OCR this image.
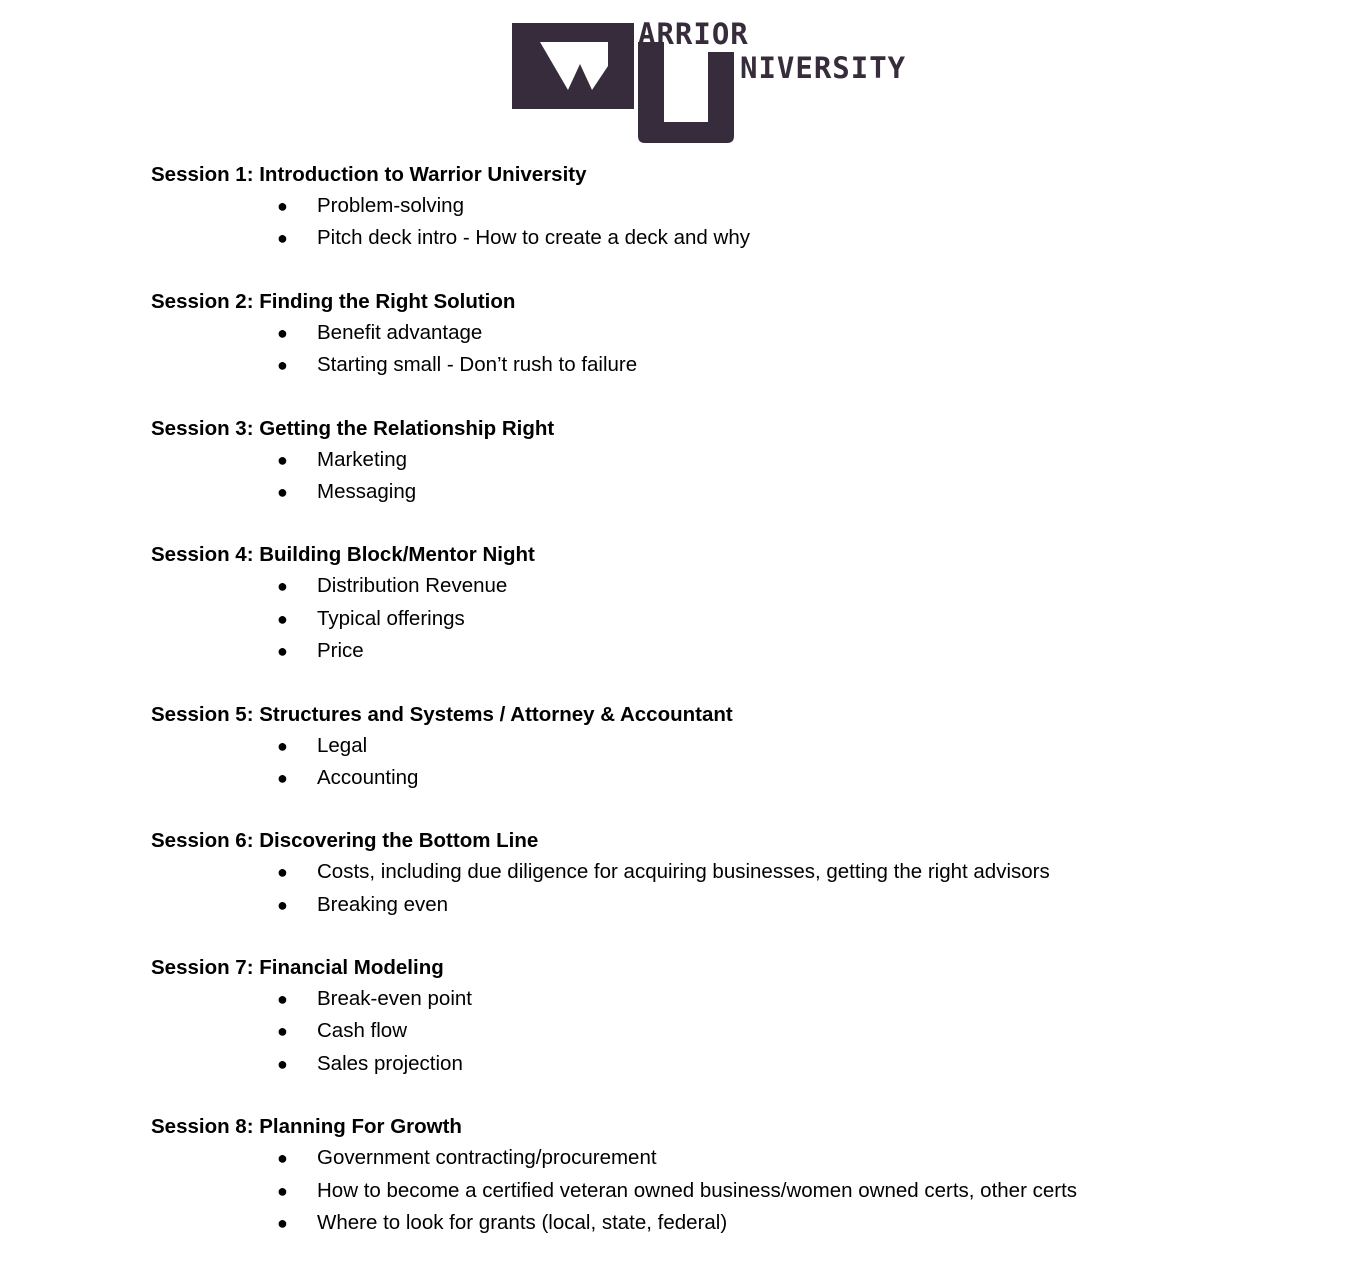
ARRIOR
NIVERSITY
Session 1: Introduction to Warrior University
● Problem-solving
● Pitch deck intro - How to create a deck and why
Session 2: Finding the Right Solution
● Benefit advantage
● Starting small - Don’t rush to failure
Session 3: Getting the Relationship Right
● Marketing
● Messaging
Session 4: Building Block/Mentor Night
● Distribution Revenue
● Typical offerings
● Price
Session 5: Structures and Systems / Attorney & Accountant
● Legal
● Accounting
Session 6: Discovering the Bottom Line
● Costs, including due diligence for acquiring businesses, getting the right advisors
● Breaking even
Session 7: Financial Modeling
● Break-even point
● Cash flow
● Sales projection
Session 8: Planning For Growth
● Government contracting/procurement
● How to become a certified veteran owned business/women owned certs, other certs
● Where to look for grants (local, state, federal)
